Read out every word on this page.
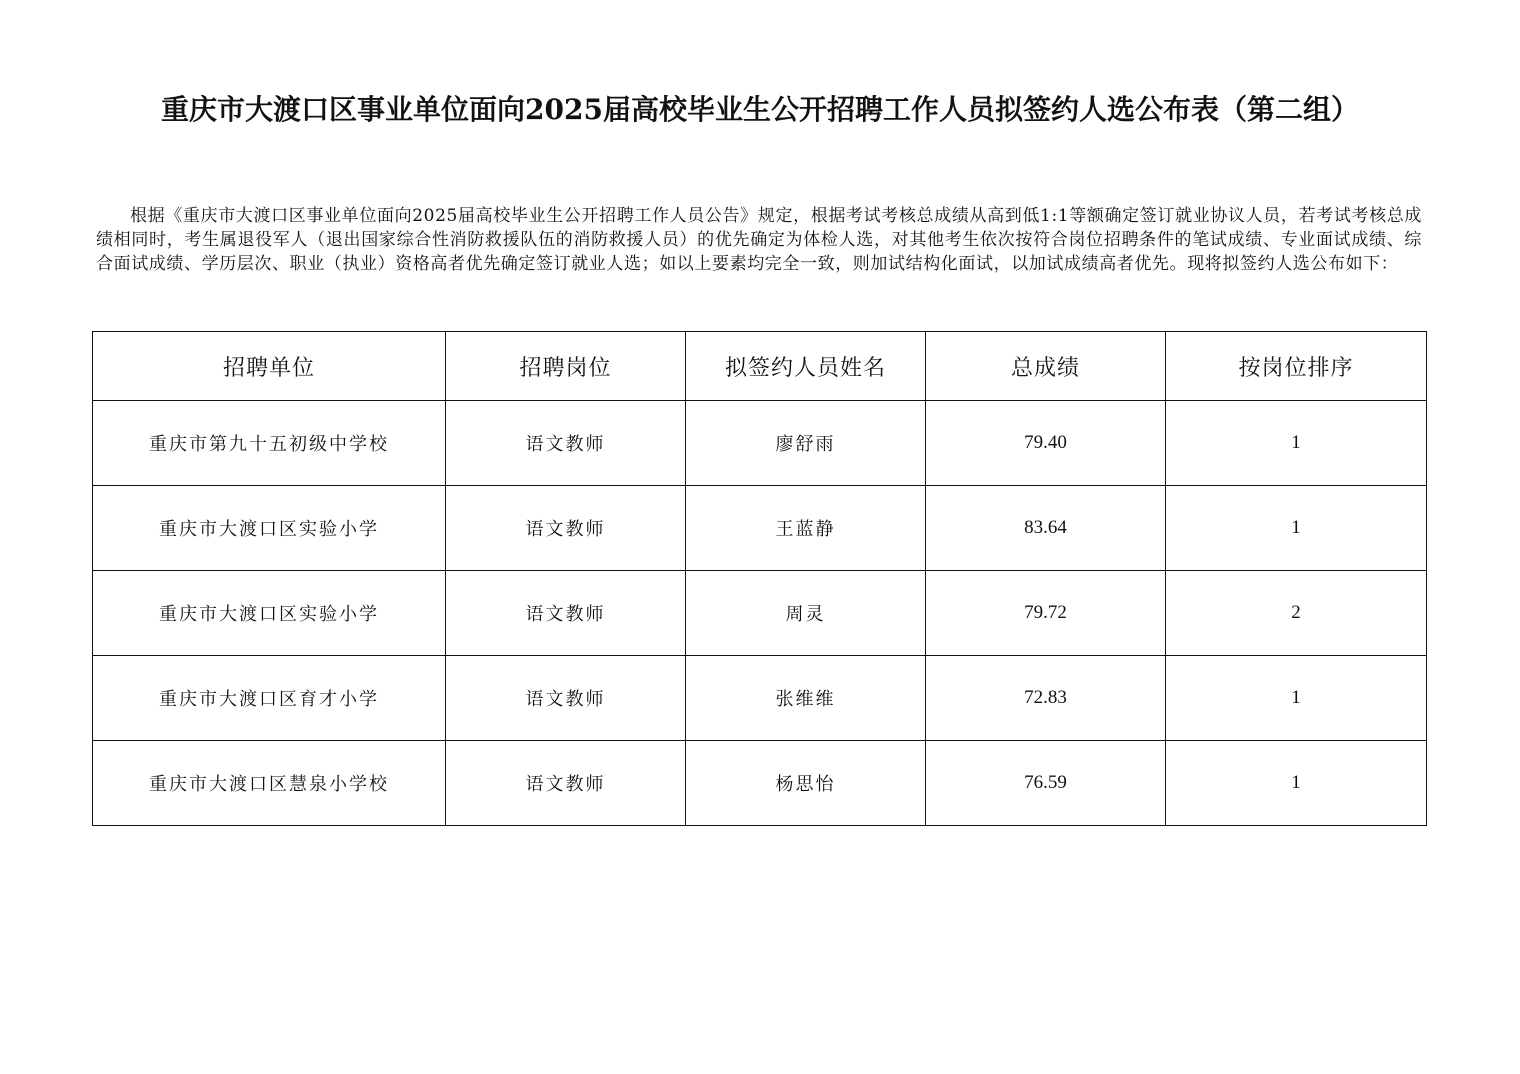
重庆市大渡口区事业单位面向2025届高校毕业生公开招聘工作人员拟签约人选公布表（第二组）
根据《重庆市大渡口区事业单位面向2025届高校毕业生公开招聘工作人员公告》规定，根据考试考核总成绩从高到低1:1等额确定签订就业协议人员，若考试考核总成绩相同时，考生属退役军人（退出国家综合性消防救援队伍的消防救援人员）的优先确定为体检人选，对其他考生依次按符合岗位招聘条件的笔试成绩、专业面试成绩、综合面试成绩、学历层次、职业（执业）资格高者优先确定签订就业人选；如以上要素均完全一致，则加试结构化面试，以加试成绩高者优先。现将拟签约人选公布如下：
招聘单位	招聘岗位	拟签约人员姓名	总成绩	按岗位排序
重庆市第九十五初级中学校	语文教师	廖舒雨	79.40	1
重庆市大渡口区实验小学	语文教师	王蓝静	83.64	1
重庆市大渡口区实验小学	语文教师	周灵	79.72	2
重庆市大渡口区育才小学	语文教师	张维维	72.83	1
重庆市大渡口区慧泉小学校	语文教师	杨思怡	76.59	1
